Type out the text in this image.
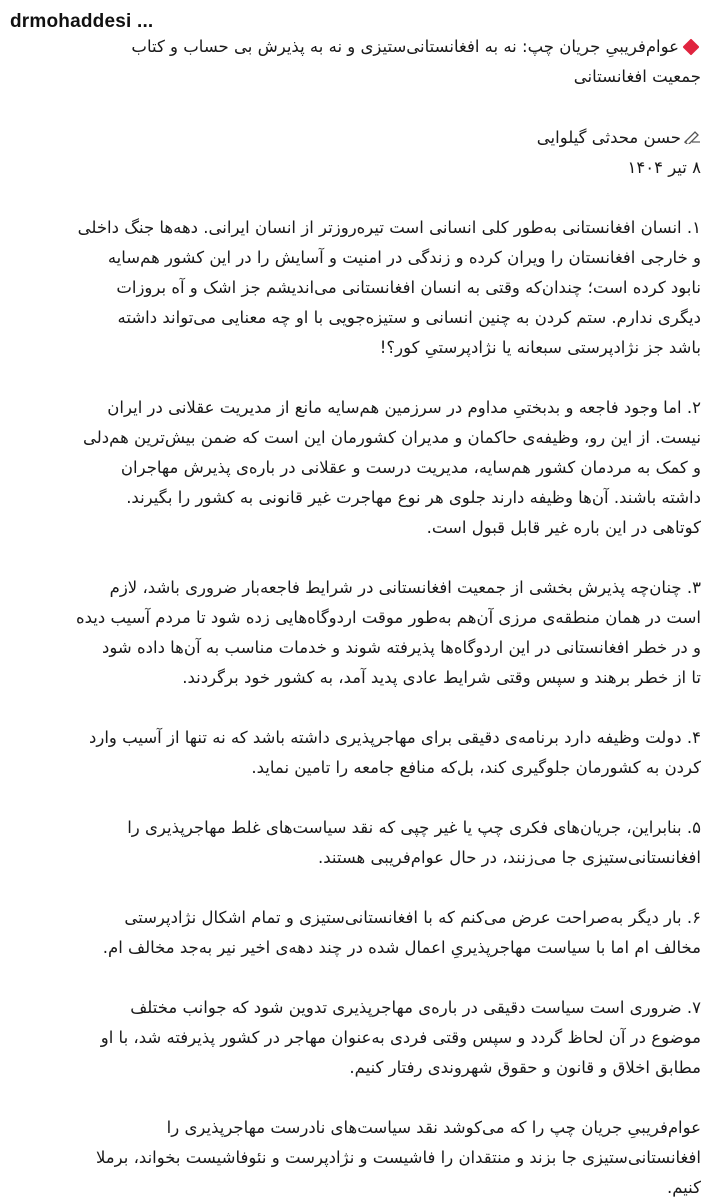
drmohaddesi ...

عوام‌فریبیِ جریان چپ: نه به افغانستانی‌ستیزی و نه به پذیرش بی حساب و کتاب
جمعیت افغانستانی

حسن محدثی گیلوایی

۸ تیر ۱۴۰۴

۱. انسان افغانستانی به‌طور کلی انسانی است تیره‌روزتر از انسان ایرانی. دهه‌ها جنگ داخلی
و خارجی افغانستان را ویران کرده و زندگی در امنیت و آسایش را در این کشور هم‌سایه
نابود کرده است؛ چندان‌که وقتی به انسان افغانستانی می‌اندیشم جز اشک و آه بروزات
دیگری ندارم. ستم کردن به چنین انسانی و ستیزه‌جویی با او چه معنایی می‌تواند داشته
باشد جز نژادپرستی سبعانه یا نژادپرستیِ کور؟!

۲. اما وجود فاجعه و بدبختیِ مداوم در سرزمین هم‌سایه مانع از مدیریت عقلانی در ایران
نیست. از این رو، وظیفه‌ی حاکمان و مدیران کشورمان این است که ضمن بیش‌ترین هم‌دلی
و کمک به مردمان کشور هم‌سایه، مدیریت درست و عقلانی در باره‌ی پذیرش مهاجران
داشته باشند. آن‌ها وظیفه دارند جلوی هر نوع مهاجرت غیر قانونی به کشور را بگیرند.
کوتاهی در این باره غیر قابل قبول است.

۳. چنان‌چه پذیرش بخشی از جمعیت افغانستانی در شرایط فاجعه‌بار ضروری باشد، لازم
است در همان منطقه‌ی مرزی آن‌هم به‌طور موقت اردوگاه‌هایی زده شود تا مردم آسیب دیده
و در خطر افغانستانی در این اردوگاه‌ها پذیرفته شوند و خدمات مناسب به آن‌ها داده شود
تا از خطر برهند و سپس وقتی شرایط عادی پدید آمد، به کشور خود برگردند.

۴. دولت وظیفه دارد برنامه‌ی دقیقی برای مهاجرپذیری داشته باشد که نه تنها از آسیب وارد
کردن به کشورمان جلوگیری کند، بل‌که منافع جامعه را تامین نماید.

۵. بنابراین، جریان‌های فکری چپ یا غیر چپی که نقد سیاست‌های غلط مهاجرپذیری را
افغانستانی‌ستیزی جا می‌زنند، در حال عوام‌فریبی هستند.

۶. بار دیگر به‌صراحت عرض می‌کنم که با افغانستانی‌ستیزی و تمام اشکال نژادپرستی
مخالف ام اما با سیاست مهاجرپذیریِ اعمال شده در چند دهه‌ی اخیر نیر به‌جد مخالف ام.

۷. ضروری است سیاست دقیقی در باره‌ی مهاجرپذیری تدوین شود که جوانب مختلف
موضوع در آن لحاظ گردد و سپس وقتی فردی به‌عنوان مهاجر در کشور پذیرفته شد، با او
مطابق اخلاق و قانون و حقوق شهروندی رفتار کنیم.

عوام‌فریبیِ جریان چپ را که می‌کوشد نقد سیاست‌های نادرست مهاجرپذیری را
افغانستانی‌ستیزی جا بزند و منتقدان را فاشیست و نژادپرست و نئوفاشیست بخواند، برملا
کنیم.
